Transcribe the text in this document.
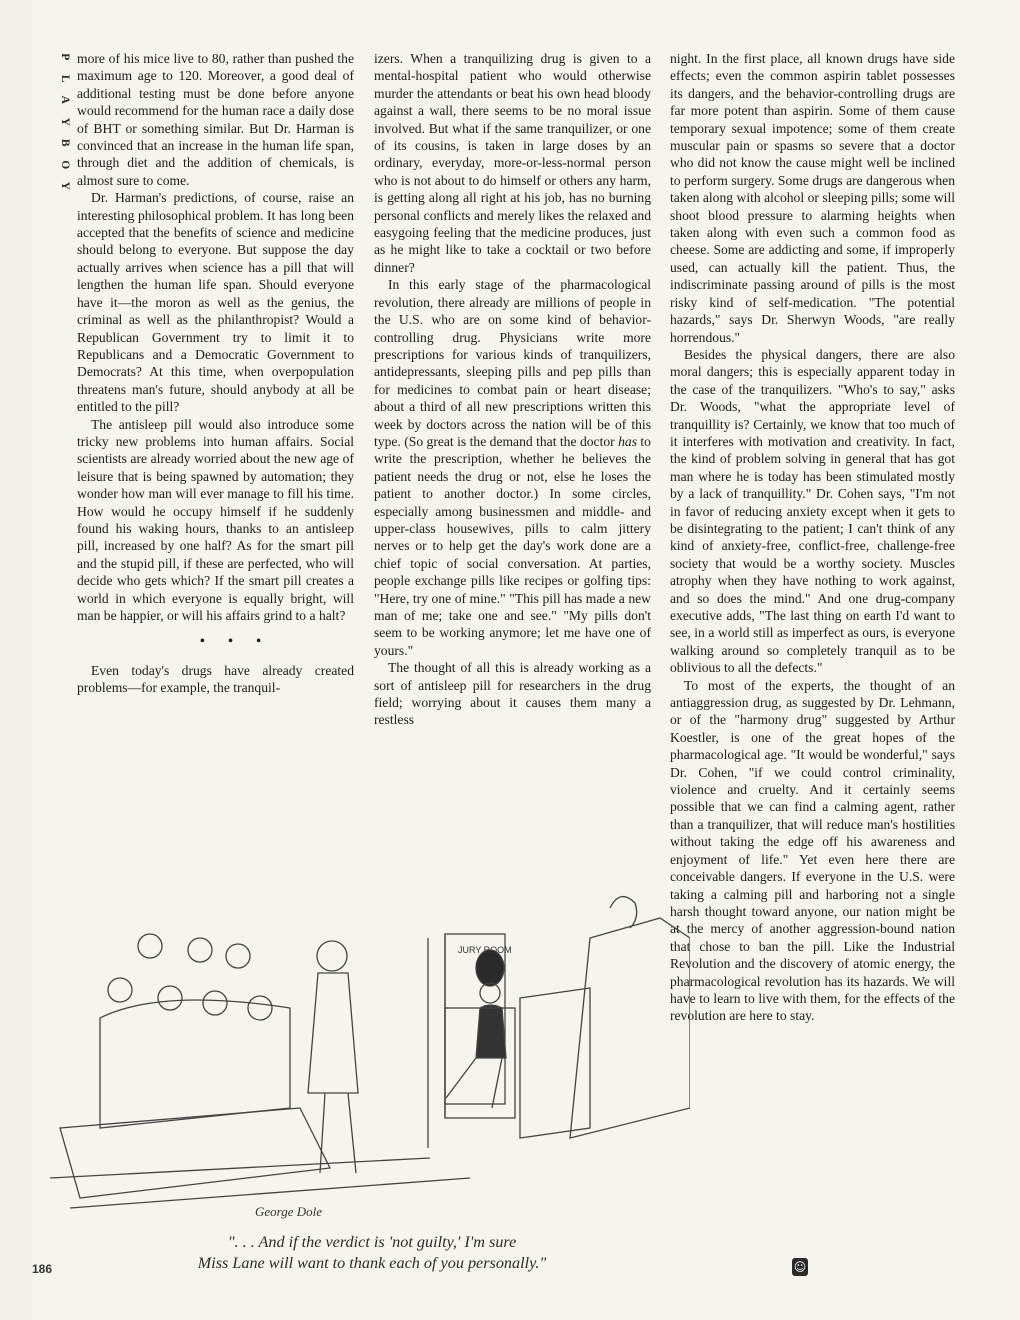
P
L
A
Y
B
O
Y

more of his mice live to 80, rather than pushed the maximum age to 120. Moreover, a good deal of additional testing must be done before anyone would recommend for the human race a daily dose of BHT or something similar. But Dr. Harman is convinced that an increase in the human life span, through diet and the addition of chemicals, is almost sure to come.

Dr. Harman's predictions, of course, raise an interesting philosophical problem. It has long been accepted that the benefits of science and medicine should belong to everyone. But suppose the day actually arrives when science has a pill that will lengthen the human life span. Should everyone have it—the moron as well as the genius, the criminal as well as the philanthropist? Would a Republican Government try to limit it to Republicans and a Democratic Government to Democrats? At this time, when overpopulation threatens man's future, should anybody at all be entitled to the pill?

The antisleep pill would also introduce some tricky new problems into human affairs. Social scientists are already worried about the new age of leisure that is being spawned by automation; they wonder how man will ever manage to fill his time. How would he occupy himself if he suddenly found his waking hours, thanks to an antisleep pill, increased by one half? As for the smart pill and the stupid pill, if these are perfected, who will decide who gets which? If the smart pill creates a world in which everyone is equally bright, will man be happier, or will his affairs grind to a halt?

• • •

Even today's drugs have already created problems—for example, the tranquil-

izers. When a tranquilizing drug is given to a mental-hospital patient who would otherwise murder the attendants or beat his own head bloody against a wall, there seems to be no moral issue involved. But what if the same tranquilizer, or one of its cousins, is taken in large doses by an ordinary, everyday, more-or-less-normal person who is not about to do himself or others any harm, is getting along all right at his job, has no burning personal conflicts and merely likes the relaxed and easygoing feeling that the medicine produces, just as he might like to take a cocktail or two before dinner?

In this early stage of the pharmacological revolution, there already are millions of people in the U.S. who are on some kind of behavior-controlling drug. Physicians write more prescriptions for various kinds of tranquilizers, antidepressants, sleeping pills and pep pills than for medicines to combat pain or heart disease; about a third of all new prescriptions written this week by doctors across the nation will be of this type. (So great is the demand that the doctor has to write the prescription, whether he believes the patient needs the drug or not, else he loses the patient to another doctor.) In some circles, especially among businessmen and middle- and upper-class housewives, pills to calm jittery nerves or to help get the day's work done are a chief topic of social conversation. At parties, people exchange pills like recipes or golfing tips: "Here, try one of mine." "This pill has made a new man of me; take one and see." "My pills don't seem to be working anymore; let me have one of yours."

The thought of all this is already working as a sort of antisleep pill for researchers in the drug field; worrying about it causes them many a restless

night. In the first place, all known drugs have side effects; even the common aspirin tablet possesses its dangers, and the behavior-controlling drugs are far more potent than aspirin. Some of them cause temporary sexual impotence; some of them create muscular pain or spasms so severe that a doctor who did not know the cause might well be inclined to perform surgery. Some drugs are dangerous when taken along with alcohol or sleeping pills; some will shoot blood pressure to alarming heights when taken along with even such a common food as cheese. Some are addicting and some, if improperly used, can actually kill the patient. Thus, the indiscriminate passing around of pills is the most risky kind of self-medication. "The potential hazards," says Dr. Sherwyn Woods, "are really horrendous."

Besides the physical dangers, there are also moral dangers; this is especially apparent today in the case of the tranquilizers. "Who's to say," asks Dr. Woods, "what the appropriate level of tranquillity is? Certainly, we know that too much of it interferes with motivation and creativity. In fact, the kind of problem solving in general that has got man where he is today has been stimulated mostly by a lack of tranquillity." Dr. Cohen says, "I'm not in favor of reducing anxiety except when it gets to be disintegrating to the patient; I can't think of any kind of anxiety-free, conflict-free, challenge-free society that would be a worthy society. Muscles atrophy when they have nothing to work against, and so does the mind." And one drug-company executive adds, "The last thing on earth I'd want to see, in a world still as imperfect as ours, is everyone walking around so completely tranquil as to be oblivious to all the defects."

To most of the experts, the thought of an antiaggression drug, as suggested by Dr. Lehmann, or of the "harmony drug" suggested by Arthur Koestler, is one of the great hopes of the pharmacological age. "It would be wonderful," says Dr. Cohen, "if we could control criminality, violence and cruelty. And it certainly seems possible that we can find a calming agent, rather than a tranquilizer, that will reduce man's hostilities without taking the edge off his awareness and enjoyment of life." Yet even here there are conceivable dangers. If everyone in the U.S. were taking a calming pill and harboring not a single harsh thought toward anyone, our nation might be at the mercy of another aggression-bound nation that chose to ban the pill. Like the Industrial Revolution and the discovery of atomic energy, the pharmacological revolution has its hazards. We will have to learn to live with them, for the effects of the revolution are here to stay.

JURY ROOM
George Dole
". . . And if the verdict is 'not guilty,' I'm sure
Miss Lane will want to thank each of you personally."
186	☺
